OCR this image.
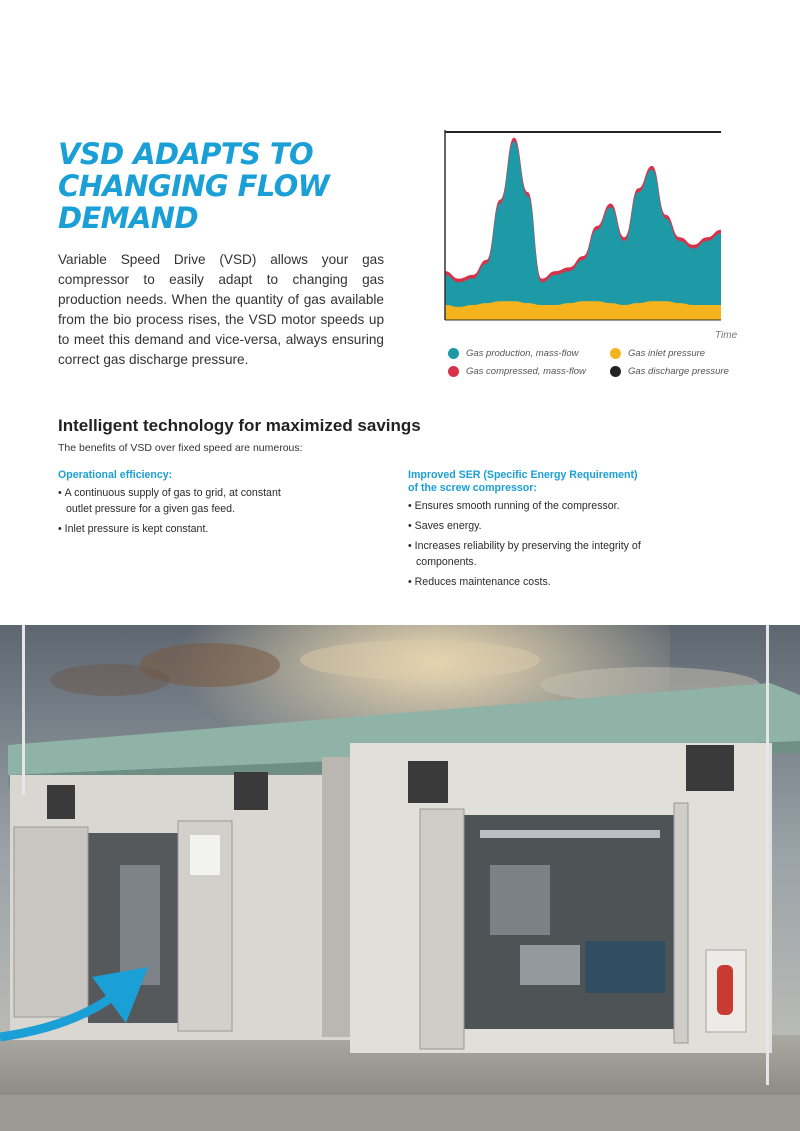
VSD ADAPTS TO
CHANGING FLOW
DEMAND

Variable Speed Drive (VSD) allows your gas compressor to easily adapt to changing gas production needs. When the quantity of gas available from the bio process rises, the VSD motor speeds up to meet this demand and vice-versa, always ensuring correct gas discharge pressure.

Time
Gas production, mass-flow	Gas inlet pressure
Gas compressed, mass-flow	Gas discharge pressure
Intelligent technology for maximized savings

The benefits of VSD over fixed speed are numerous:

Operational efficiency:
• A continuous supply of gas to grid, at constant outlet pressure for a given gas feed.
• Inlet pressure is kept constant.
Improved SER (Specific Energy Requirement)
of the screw compressor:
• Ensures smooth running of the compressor.
• Saves energy.
• Increases reliability by preserving the integrity of components.
• Reduces maintenance costs.
